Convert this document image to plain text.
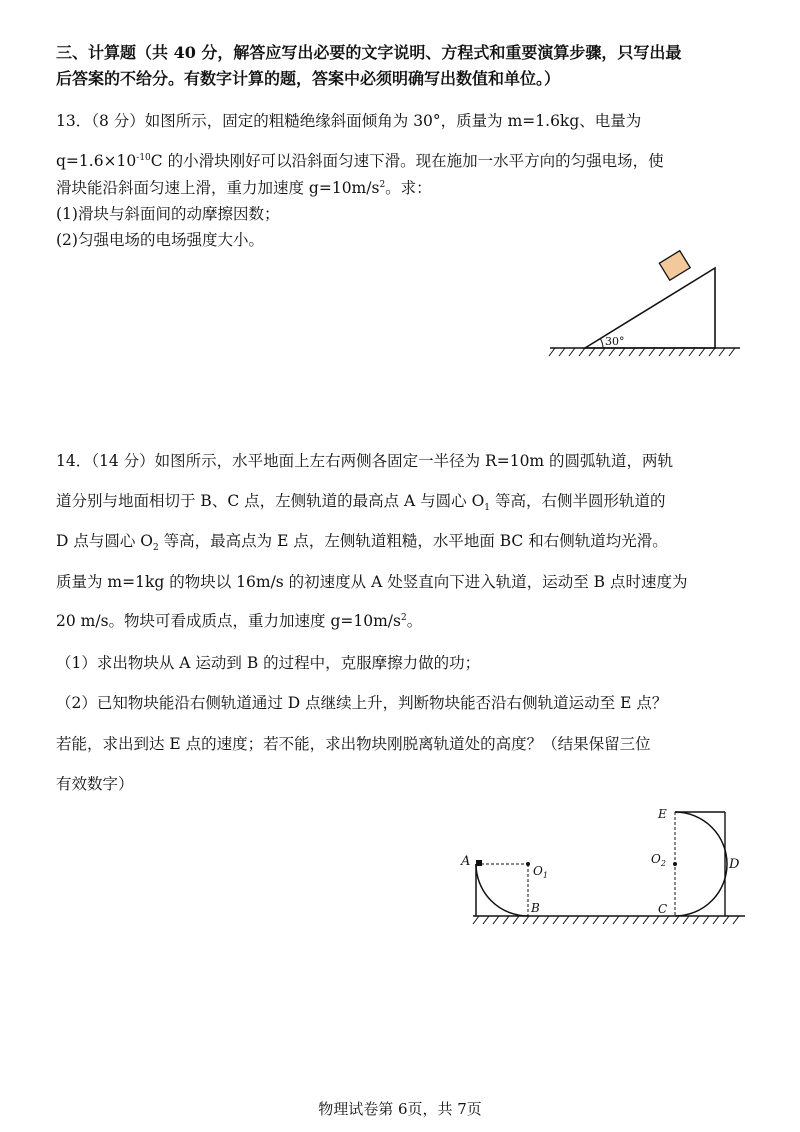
三、计算题（共 40 分，解答应写出必要的文字说明、方程式和重要演算步骤，只写出最
后答案的不给分。有数字计算的题，答案中必须明确写出数值和单位。）
13．（8 分）如图所示，固定的粗糙绝缘斜面倾角为 30°，质量为 m=1.6kg、电量为
$q=1.6\times 10^{-10}C$ 的小滑块刚好可以沿斜面匀速下滑。现在施加一水平方向的匀强电场，使
滑块能沿斜面匀速上滑，重力加速度 $g=10m/s^2$。求：
(1)滑块与斜面间的动摩擦因数；
(2)匀强电场的电场强度大小。
30°
14．（14 分）如图所示，水平地面上左右两侧各固定一半径为 R=10m 的圆弧轨道，两轨
道分别与地面相切于 B、C 点，左侧轨道的最高点 A 与圆心 $O_1$ 等高，右侧半圆形轨道的
D 点与圆心 $O_2$ 等高，最高点为 E 点，左侧轨道粗糙，水平地面 BC 和右侧轨道均光滑。
质量为 m=1kg 的物块以 16m/s 的初速度从 A 处竖直向下进入轨道，运动至 B 点时速度为
20 m/s。物块可看成质点，重力加速度 $g=10m/s^2$。
（1）求出物块从 A 运动到 B 的过程中，克服摩擦力做的功；
（2）已知物块能沿右侧轨道通过 D 点继续上升，判断物块能否沿右侧轨道运动至 E 点？
若能，求出到达 E 点的速度；若不能，求出物块刚脱离轨道处的高度？（结果保留三位
有效数字）
A
B
$O_1$
E
$O_2$	D
C
物理试卷第 6页，共 7页
